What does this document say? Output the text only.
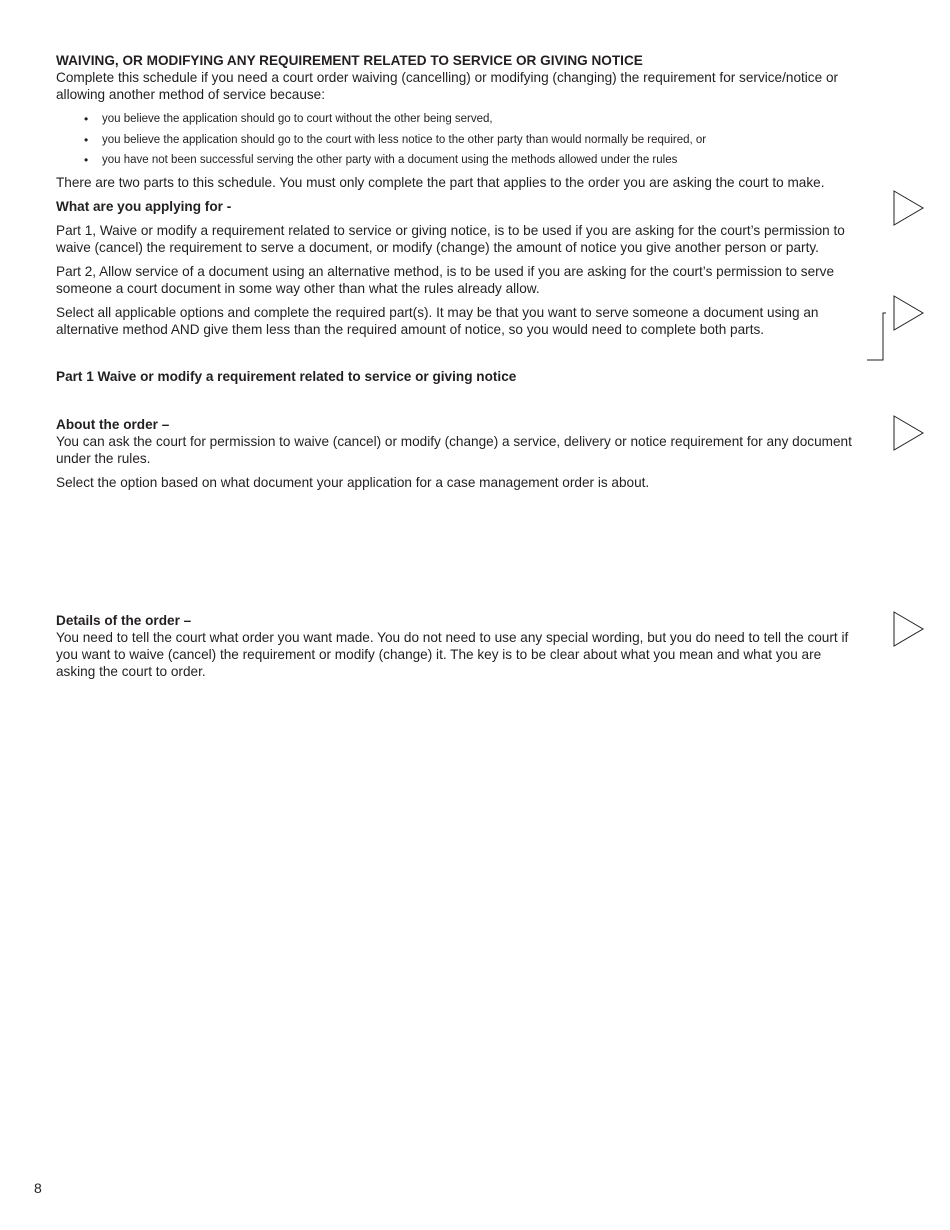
WAIVING, OR MODIFYING ANY REQUIREMENT RELATED TO SERVICE OR GIVING NOTICE

Complete this schedule if you need a court order waiving (cancelling) or modifying (changing) the requirement for service/notice or allowing another method of service because:

• you believe the application should go to court without the other being served,
• you believe the application should go to the court with less notice to the other party than would normally be required, or
• you have not been successful serving the other party with a document using the methods allowed under the rules

There are two parts to this schedule. You must only complete the part that applies to the order you are asking the court to make.

What are you applying for -

Part 1, Waive or modify a requirement related to service or giving notice, is to be used if you are asking for the court’s permission to waive (cancel) the requirement to serve a document, or modify (change) the amount of notice you give another person or party.

Part 2, Allow service of a document using an alternative method, is to be used if you are asking for the court’s permission to serve someone a court document in some way other than what the rules already allow.

Select all applicable options and complete the required part(s). It may be that you want to serve someone a document using an alternative method AND give them less than the required amount of notice, so you would need to complete both parts.

Part 1 Waive or modify a requirement related to service or giving notice

About the order –

You can ask the court for permission to waive (cancel) or modify (change) a service, delivery or notice requirement for any document under the rules.

Select the option based on what document your application for a case management order is about.

Details of the order –

You need to tell the court what order you want made. You do not need to use any special wording, but you do need to tell the court if you want to waive (cancel) the requirement or modify (change) it. The key is to be clear about what you mean and what you are asking the court to order.

8
